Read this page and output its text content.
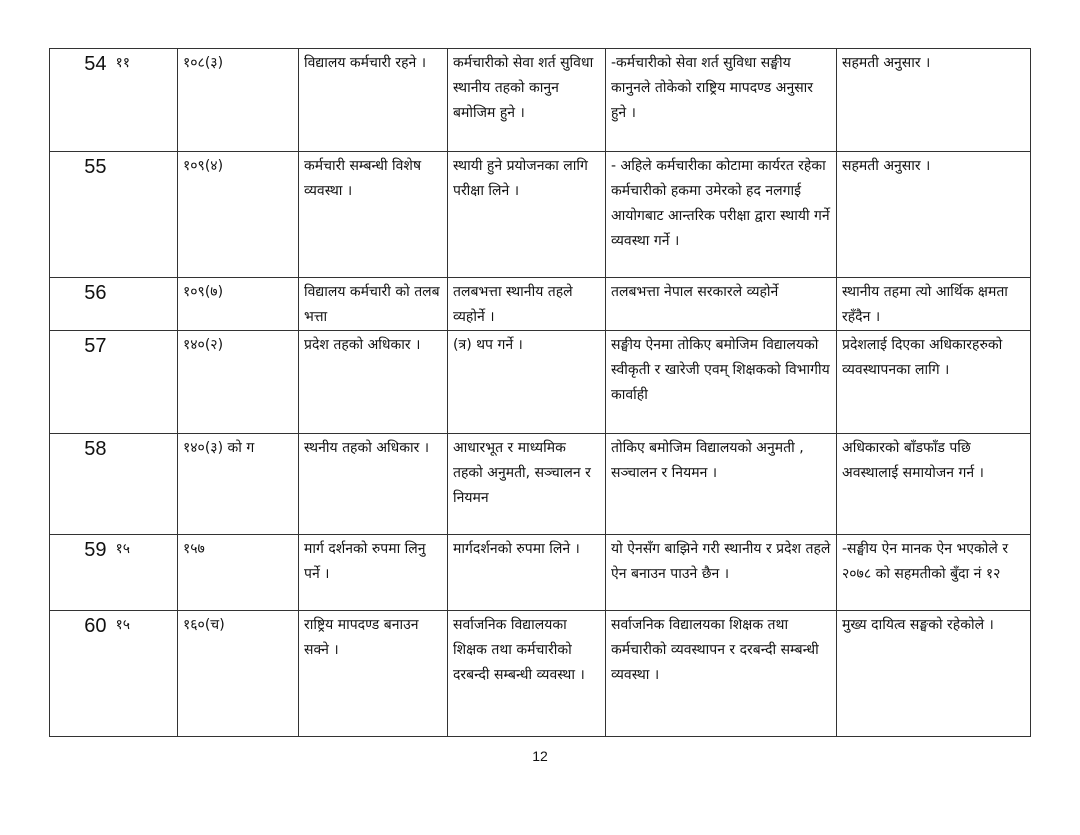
54	११	१०८(३)	विद्यालय कर्मचारी रहने ।	कर्मचारीको सेवा शर्त सुविधा स्थानीय तहको कानुन बमोजिम हुने ।	-कर्मचारीको सेवा शर्त सुविधा सङ्घीय कानुनले तोकेको राष्ट्रिय मापदण्ड अनुसार हुने ।	सहमती अनुसार ।
55		१०९(४)	कर्मचारी सम्बन्धी विशेष व्यवस्था ।	स्थायी हुने प्रयोजनका लागि परीक्षा लिने ।	- अहिले कर्मचारीका कोटामा कार्यरत रहेका कर्मचारीको हकमा उमेरको हद नलगाई आयोगबाट आन्तरिक परीक्षा द्वारा स्थायी गर्ने व्यवस्था गर्ने ।	सहमती अनुसार ।
56		१०९(७)	विद्यालय कर्मचारी को तलब भत्ता	तलबभत्ता स्थानीय तहले व्यहोर्ने ।	तलबभत्ता नेपाल सरकारले व्यहोर्ने	स्थानीय तहमा त्यो आर्थिक क्षमता रहँदैन ।
57		१४०(२)	प्रदेश तहको अधिकार ।	(त्र) थप गर्ने ।	सङ्घीय ऐनमा तोकिए बमोजिम विद्यालयको स्वीकृती र खारेजी एवम् शिक्षकको विभागीय कार्वाही	प्रदेशलाई दिएका अधिकारहरुको व्यवस्थापनका लागि ।
58		१४०(३) को ग	स्थनीय तहको अधिकार ।	आधारभूत र माध्यमिक तहको अनुमती, सञ्चालन र नियमन	तोकिए बमोजिम विद्यालयको अनुमती , सञ्चालन र नियमन ।	अधिकारको बाँडफाँड पछि अवस्थालाई समायोजन गर्न ।
59	१५	१५७	मार्ग दर्शनको रुपमा लिनु पर्ने ।	मार्गदर्शनको रुपमा लिने ।	यो ऐनसँग बाझिने गरी स्थानीय र प्रदेश तहले ऐन बनाउन पाउने छैन ।	-सङ्घीय ऐन मानक ऐन भएकोले र २०७८ को सहमतीको बुँदा नं १२
60	१५	१६०(च)	राष्ट्रिय मापदण्ड बनाउन सक्ने ।	सर्वाजनिक विद्यालयका शिक्षक तथा कर्मचारीको दरबन्दी सम्बन्धी व्यवस्था ।	सर्वाजनिक विद्यालयका शिक्षक तथा कर्मचारीको व्यवस्थापन र दरबन्दी सम्बन्धी व्यवस्था ।	मुख्य दायित्व सङ्घको रहेकोले ।
12
